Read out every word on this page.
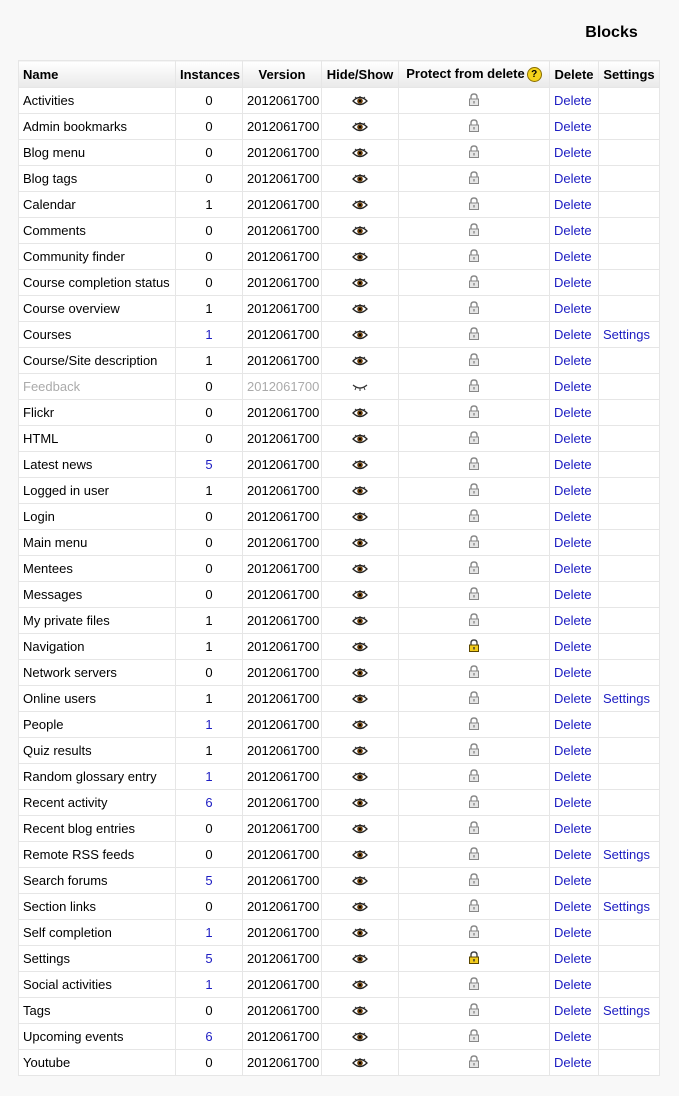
Blocks
Name	Instances	Version	Hide/Show	Protect from delete ?	Delete	Settings
Activities	0	2012061700			Delete	
Admin bookmarks	0	2012061700			Delete	
Blog menu	0	2012061700			Delete	
Blog tags	0	2012061700			Delete	
Calendar	1	2012061700			Delete	
Comments	0	2012061700			Delete	
Community finder	0	2012061700			Delete	
Course completion status	0	2012061700			Delete	
Course overview	1	2012061700			Delete	
Courses	1	2012061700			Delete	Settings
Course/Site description	1	2012061700			Delete	
Feedback	0	2012061700			Delete	
Flickr	0	2012061700			Delete	
HTML	0	2012061700			Delete	
Latest news	5	2012061700			Delete	
Logged in user	1	2012061700			Delete	
Login	0	2012061700			Delete	
Main menu	0	2012061700			Delete	
Mentees	0	2012061700			Delete	
Messages	0	2012061700			Delete	
My private files	1	2012061700			Delete	
Navigation	1	2012061700			Delete	
Network servers	0	2012061700			Delete	
Online users	1	2012061700			Delete	Settings
People	1	2012061700			Delete	
Quiz results	1	2012061700			Delete	
Random glossary entry	1	2012061700			Delete	
Recent activity	6	2012061700			Delete	
Recent blog entries	0	2012061700			Delete	
Remote RSS feeds	0	2012061700			Delete	Settings
Search forums	5	2012061700			Delete	
Section links	0	2012061700			Delete	Settings
Self completion	1	2012061700			Delete	
Settings	5	2012061700			Delete	
Social activities	1	2012061700			Delete	
Tags	0	2012061700			Delete	Settings
Upcoming events	6	2012061700			Delete	
Youtube	0	2012061700			Delete	
